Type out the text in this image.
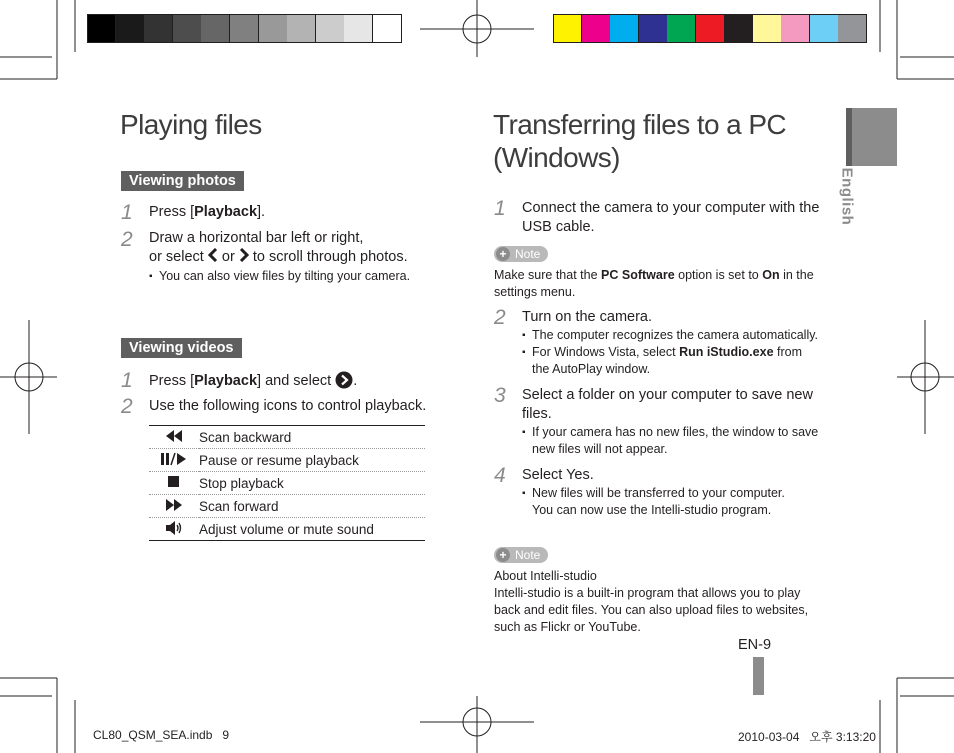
Playing files
Viewing photos
1 Press [Playback].
2 Draw a horizontal bar left or right,
or select or to scroll through photos.
▪ You can also view files by tilting your camera.
Viewing videos
1 Press [Playback] and select .
2 Use the following icons to control playback.
	Scan backward
	Pause or resume playback
	Stop playback
	Scan forward
	Adjust volume or mute sound
Transferring files to a PC
(Windows)
1 Connect the camera to your computer with the
USB cable.
+ Note
Make sure that the PC Software option is set to On in the
settings menu.
2 Turn on the camera.
▪ The computer recognizes the camera automatically.
▪ For Windows Vista, select Run iStudio.exe from
the AutoPlay window.
3 Select a folder on your computer to save new
files.
▪ If your camera has no new files, the window to save
new files will not appear.
4 Select Yes.
▪ New files will be transferred to your computer.
You can now use the Intelli-studio program.
+ Note
About Intelli-studio
Intelli-studio is a built-in program that allows you to play
back and edit files. You can also upload files to websites,
such as Flickr or YouTube.
English
EN-9
CL80_QSM_SEA.indb   9	2010-03-04   오후 3:13:20
